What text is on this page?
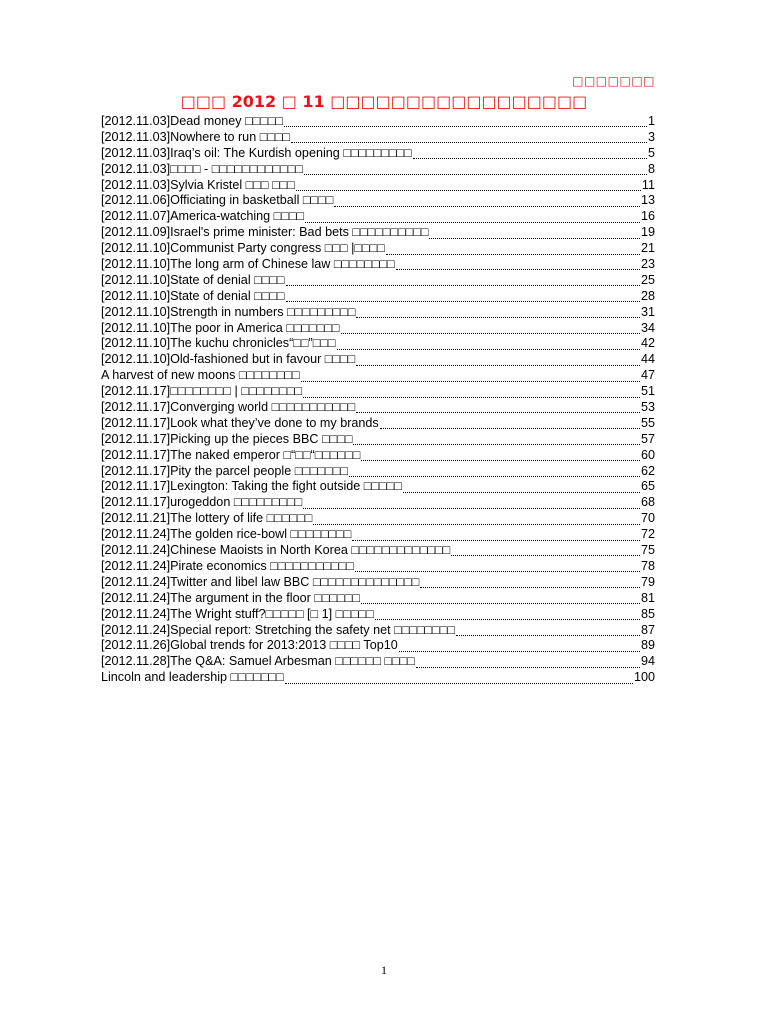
□□□□□□□
□□□ 2012 □ 11 □□□□□□□□□□□□□□□□□
[2012.11.03]Dead money □□□□□	1
[2012.11.03]Nowhere to run □□□□	3
[2012.11.03]Iraq’s oil: The Kurdish opening □□□□□□□□□	5
[2012.11.03]□□□□ - □□□□□□□□□□□□	8
[2012.11.03]Sylvia Kristel □□□ □□□	11
[2012.11.06]Officiating in basketball □□□□	13
[2012.11.07]America-watching □□□□	16
[2012.11.09]Israel's prime minister: Bad bets □□□□□□□□□□	19
[2012.11.10]Communist Party congress □□□ |□□□□	21
[2012.11.10]The long arm of Chinese law □□□□□□□□	23
[2012.11.10]State of denial □□□□	25
[2012.11.10]State of denial □□□□	28
[2012.11.10]Strength in numbers □□□□□□□□□	31
[2012.11.10]The poor in America □□□□□□□	34
[2012.11.10]The kuchu chronicles“□□”□□□	42
[2012.11.10]Old-fashioned but in favour □□□□	44
A harvest of new moons □□□□□□□□	47
[2012.11.17]□□□□□□□□ | □□□□□□□□	51
[2012.11.17]Converging world □□□□□□□□□□□	53
[2012.11.17]Look what they’ve done to my brands	55
[2012.11.17]Picking up the pieces BBC □□□□	57
[2012.11.17]The naked emperor □“□□“□□□□□□	60
[2012.11.17]Pity the parcel people □□□□□□□	62
[2012.11.17]Lexington: Taking the fight outside □□□□□	65
[2012.11.17]urogeddon □□□□□□□□□	68
[2012.11.21]The lottery of life □□□□□□	70
[2012.11.24]The golden rice-bowl □□□□□□□□	72
[2012.11.24]Chinese Maoists in North Korea □□□□□□□□□□□□□	75
[2012.11.24]Pirate economics □□□□□□□□□□□	78
[2012.11.24]Twitter and libel law BBC □□□□□□□□□□□□□□	79
[2012.11.24]The argument in the floor □□□□□□	81
[2012.11.24]The Wright stuff?□□□□□ [□ 1] □□□□□	85
[2012.11.24]Special report: Stretching the safety net □□□□□□□□	87
[2012.11.26]Global trends for 2013:2013 □□□□ Top10	89
[2012.11.28]The Q&A: Samuel Arbesman □□□□□□ □□□□	94
Lincoln and leadership □□□□□□□	100
1
